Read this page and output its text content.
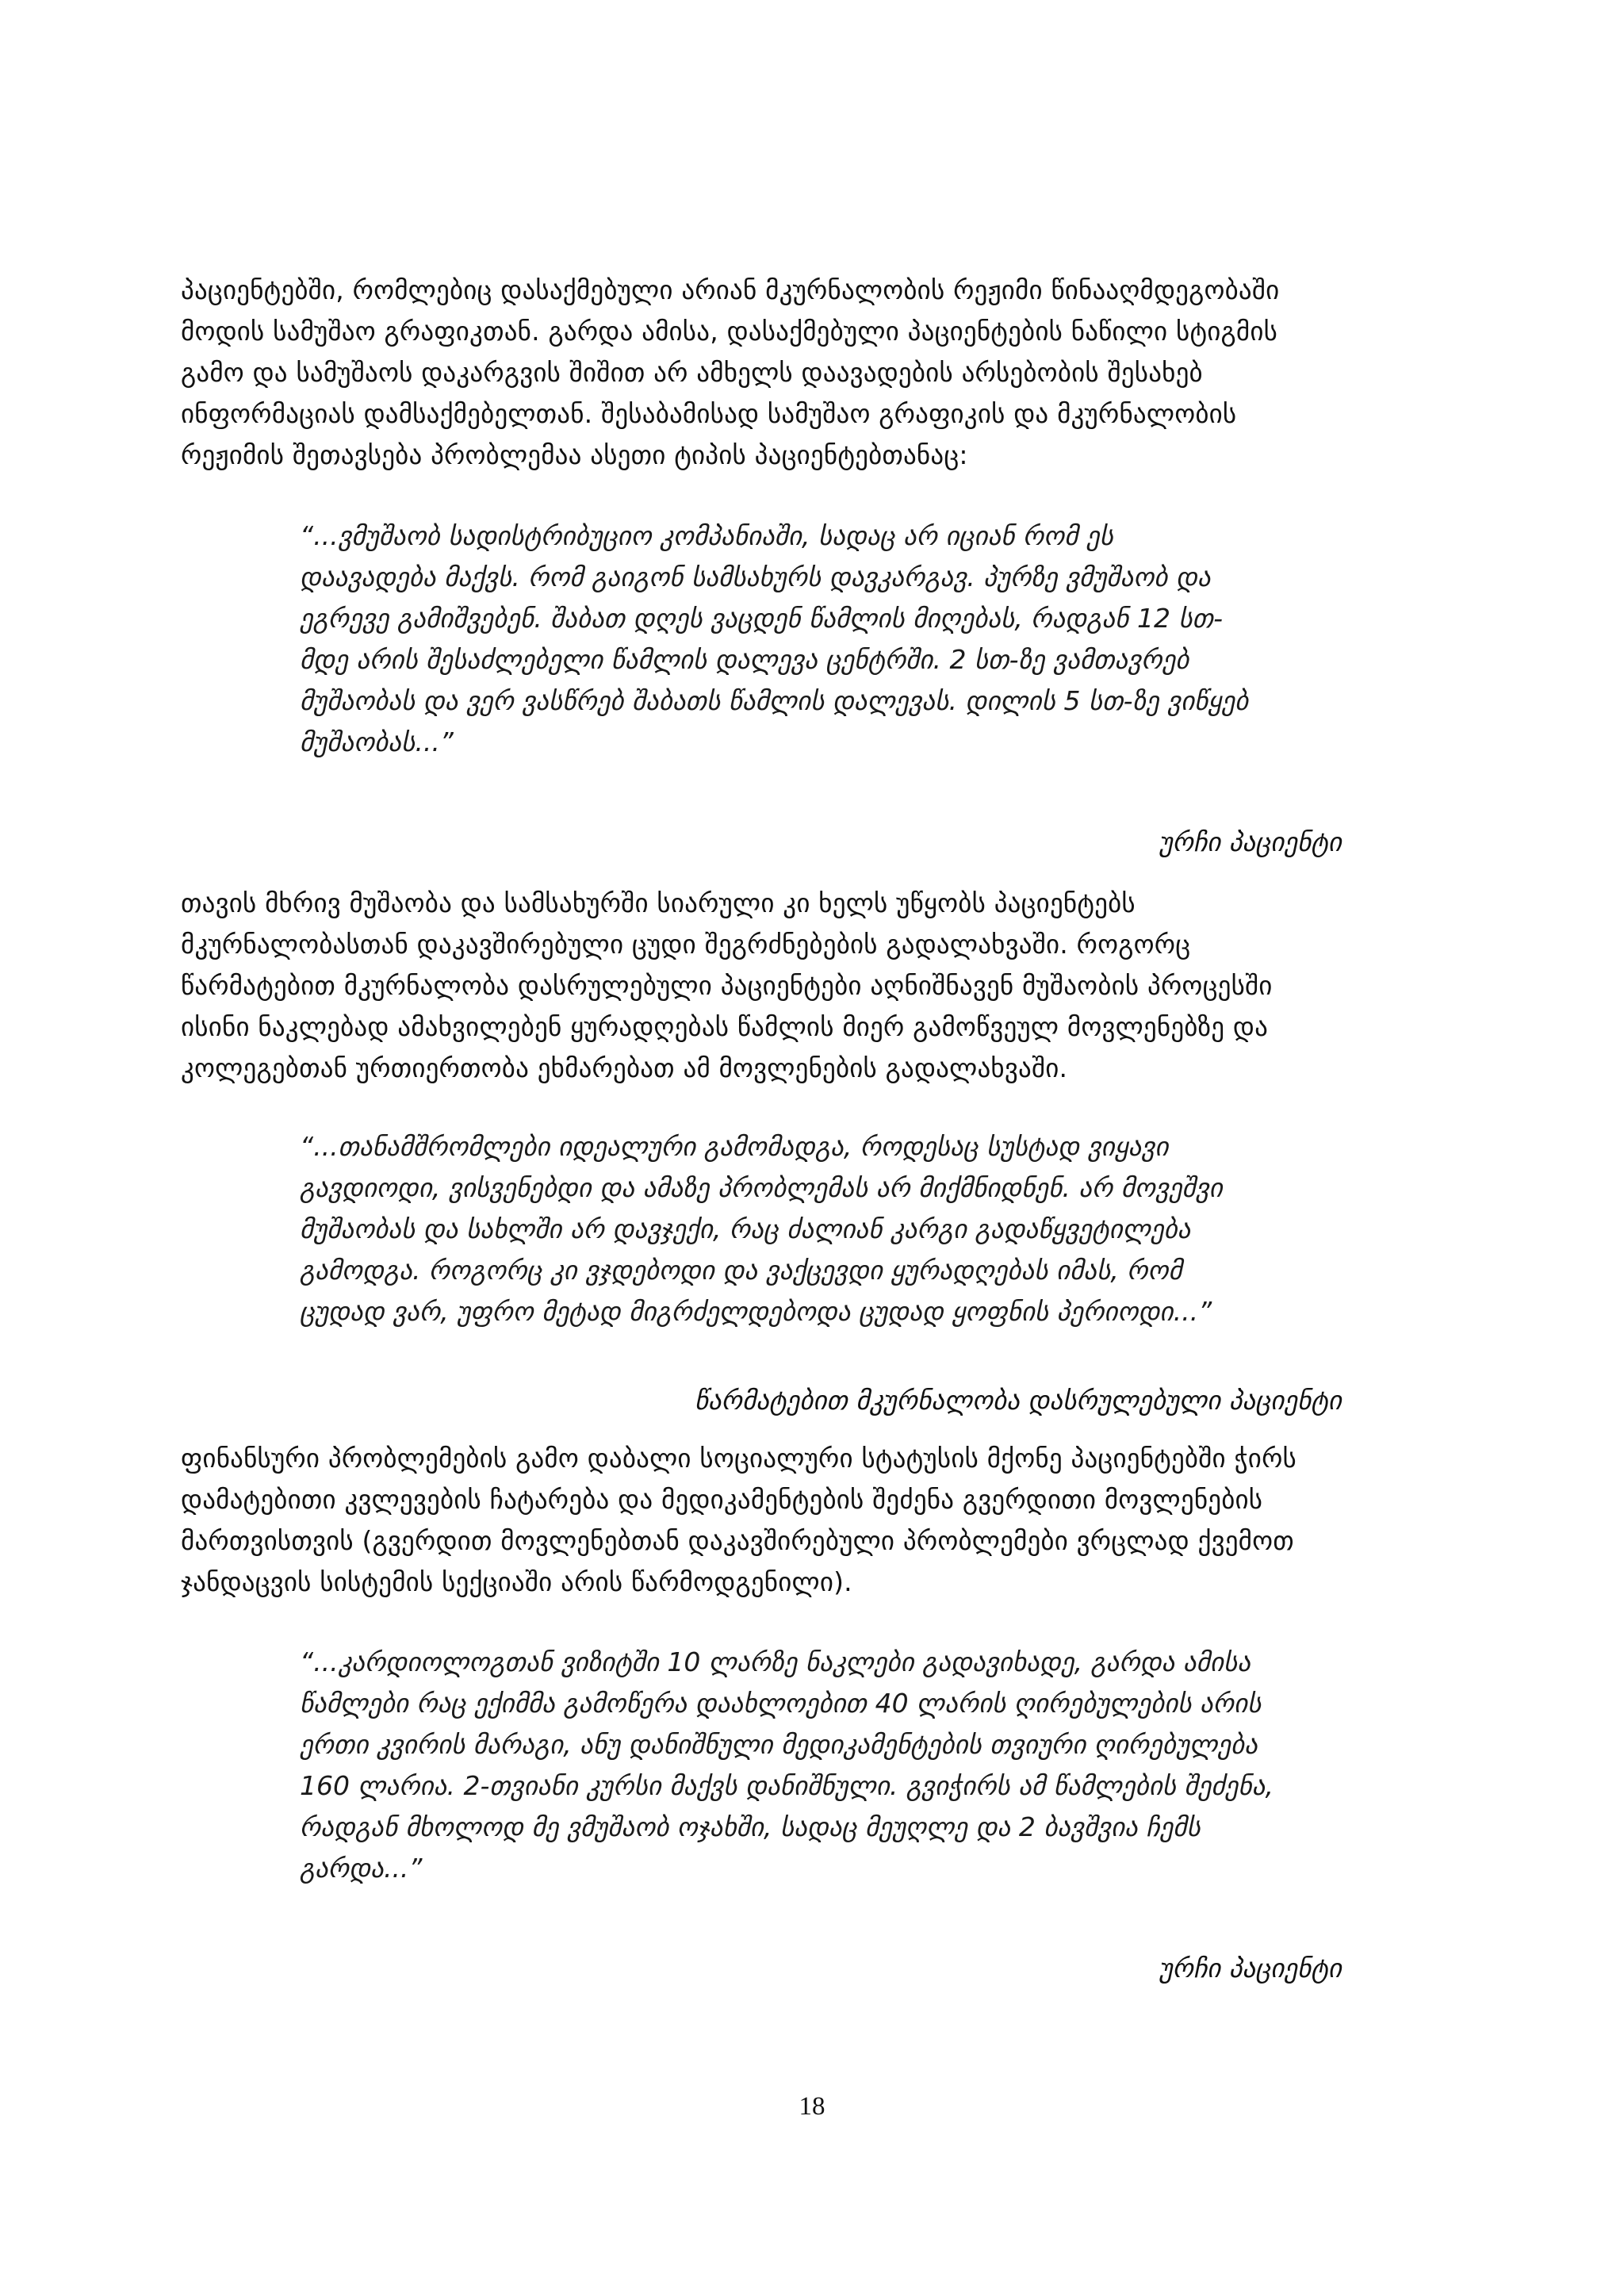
პაციენტებში, რომლებიც დასაქმებული არიან მკურნალობის რეჟიმი წინააღმდეგობაში
მოდის სამუშაო გრაფიკთან. გარდა ამისა, დასაქმებული პაციენტების ნაწილი სტიგმის
გამო და სამუშაოს დაკარგვის შიშით არ ამხელს დაავადების არსებობის შესახებ
ინფორმაციას დამსაქმებელთან. შესაბამისად სამუშაო გრაფიკის და მკურნალობის
რეჟიმის შეთავსება პრობლემაა ასეთი ტიპის პაციენტებთანაც:

“...ვმუშაობ სადისტრიბუციო კომპანიაში, სადაც არ იციან რომ ეს
დაავადება მაქვს. რომ გაიგონ სამსახურს დავკარგავ. პურზე ვმუშაობ და
ეგრევე გამიშვებენ. შაბათ დღეს ვაცდენ წამლის მიღებას, რადგან 12 სთ-
მდე არის შესაძლებელი წამლის დალევა ცენტრში. 2 სთ-ზე ვამთავრებ
მუშაობას და ვერ ვასწრებ შაბათს წამლის დალევას. დილის 5 სთ-ზე ვიწყებ
მუშაობას...”

ურჩი პაციენტი

თავის მხრივ მუშაობა და სამსახურში სიარული კი ხელს უწყობს პაციენტებს
მკურნალობასთან დაკავშირებული ცუდი შეგრძნებების გადალახვაში. როგორც
წარმატებით მკურნალობა დასრულებული პაციენტები აღნიშნავენ მუშაობის პროცესში
ისინი ნაკლებად ამახვილებენ ყურადღებას წამლის მიერ გამოწვეულ მოვლენებზე და
კოლეგებთან ურთიერთობა ეხმარებათ ამ მოვლენების გადალახვაში.

“...თანამშრომლები იდეალური გამომადგა, როდესაც სუსტად ვიყავი
გავდიოდი, ვისვენებდი და ამაზე პრობლემას არ მიქმნიდნენ. არ მოვეშვი
მუშაობას და სახლში არ დავჯექი, რაც ძალიან კარგი გადაწყვეტილება
გამოდგა. როგორც კი ვჯდებოდი და ვაქცევდი ყურადღებას იმას, რომ
ცუდად ვარ, უფრო მეტად მიგრძელდებოდა ცუდად ყოფნის პერიოდი...”

წარმატებით მკურნალობა დასრულებული პაციენტი

ფინანსური პრობლემების გამო დაბალი სოციალური სტატუსის მქონე პაციენტებში ჭირს
დამატებითი კვლევების ჩატარება და მედიკამენტების შეძენა გვერდითი მოვლენების
მართვისთვის (გვერდით მოვლენებთან დაკავშირებული პრობლემები ვრცლად ქვემოთ
ჯანდაცვის სისტემის სექციაში არის წარმოდგენილი).

“...კარდიოლოგთან ვიზიტში 10 ლარზე ნაკლები გადავიხადე, გარდა ამისა
წამლები რაც ექიმმა გამოწერა დაახლოებით 40 ლარის ღირებულების არის
ერთი კვირის მარაგი, ანუ დანიშნული მედიკამენტების თვიური ღირებულება
160 ლარია. 2-თვიანი კურსი მაქვს დანიშნული. გვიჭირს ამ წამლების შეძენა,
რადგან მხოლოდ მე ვმუშაობ ოჯახში, სადაც მეუღლე და 2 ბავშვია ჩემს
გარდა...”

ურჩი პაციენტი

18
